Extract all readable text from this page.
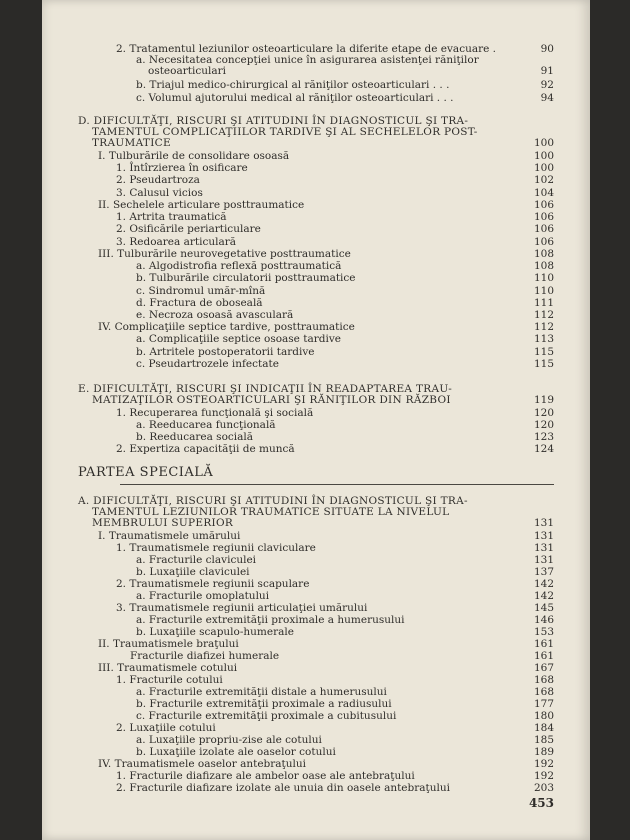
2. Tratamentul leziunilor osteoarticulare la diferite etape de evacuare .	90
a. Necesitatea concepţiei unice în asigurarea asistenţei răniţilor
osteoarticulari	91
b. Triajul medico-chirurgical al răniţilor osteoarticulari . . .	92
c. Volumul ajutorului medical al răniţilor osteoarticulari . . .	94
D. DIFICULTĂŢI, RISCURI ŞI ATITUDINI ÎN DIAGNOSTICUL ŞI TRA-
TAMENTUL COMPLICAŢIILOR TARDIVE ŞI AL SECHELELOR POST-
TRAUMATICE	100
I. Tulburările de consolidare osoasă	100
1. Întîrzierea în osificare	100
2. Pseudartroza	102
3. Calusul vicios	104
II. Sechelele articulare posttraumatice	106
1. Artrita traumatică	106
2. Osificările periarticulare	106
3. Redoarea articulară	106
III. Tulburările neurovegetative posttraumatice	108
a. Algodistrofia reflexă posttraumatică	108
b. Tulburările circulatorii posttraumatice	110
c. Sindromul umăr-mînă	110
d. Fractura de oboseală	111
e. Necroza osoasă avasculară	112
IV. Complicaţiile septice tardive, posttraumatice	112
a. Complicaţiile septice osoase tardive	113
b. Artritele postoperatorii tardive	115
c. Pseudartrozele infectate	115
E. DIFICULTĂŢI, RISCURI ŞI INDICAŢII ÎN READAPTAREA TRAU-
MATIZAŢILOR OSTEOARTICULARI ŞI RĂNIŢILOR DIN RĂZBOI	119
1. Recuperarea funcţională şi socială	120
a. Reeducarea funcţională	120
b. Reeducarea socială	123
2. Expertiza capacităţii de muncă	124
PARTEA SPECIALĂ
A. DIFICULTĂŢI, RISCURI ŞI ATITUDINI ÎN DIAGNOSTICUL ŞI TRA-
TAMENTUL LEZIUNILOR TRAUMATICE SITUATE LA NIVELUL
MEMBRULUI SUPERIOR	131
I. Traumatismele umărului	131
1. Traumatismele regiunii claviculare	131
a. Fracturile claviculei	131
b. Luxaţiile claviculei	137
2. Traumatismele regiunii scapulare	142
a. Fracturile omoplatului	142
3. Traumatismele regiunii articulaţiei umărului	145
a. Fracturile extremităţii proximale a humerusului	146
b. Luxaţiile scapulo-humerale	153
II. Traumatismele braţului	161
Fracturile diafizei humerale	161
III. Traumatismele cotului	167
1. Fracturile cotului	168
a. Fracturile extremităţii distale a humerusului	168
b. Fracturile extremităţii proximale a radiusului	177
c. Fracturile extremităţii proximale a cubitusului	180
2. Luxaţiile cotului	184
a. Luxaţiile propriu-zise ale cotului	185
b. Luxaţiile izolate ale oaselor cotului	189
IV. Traumatismele oaselor antebraţului	192
1. Fracturile diafizare ale ambelor oase ale antebraţului	192
2. Fracturile diafizare izolate ale unuia din oasele antebraţului	203
453
